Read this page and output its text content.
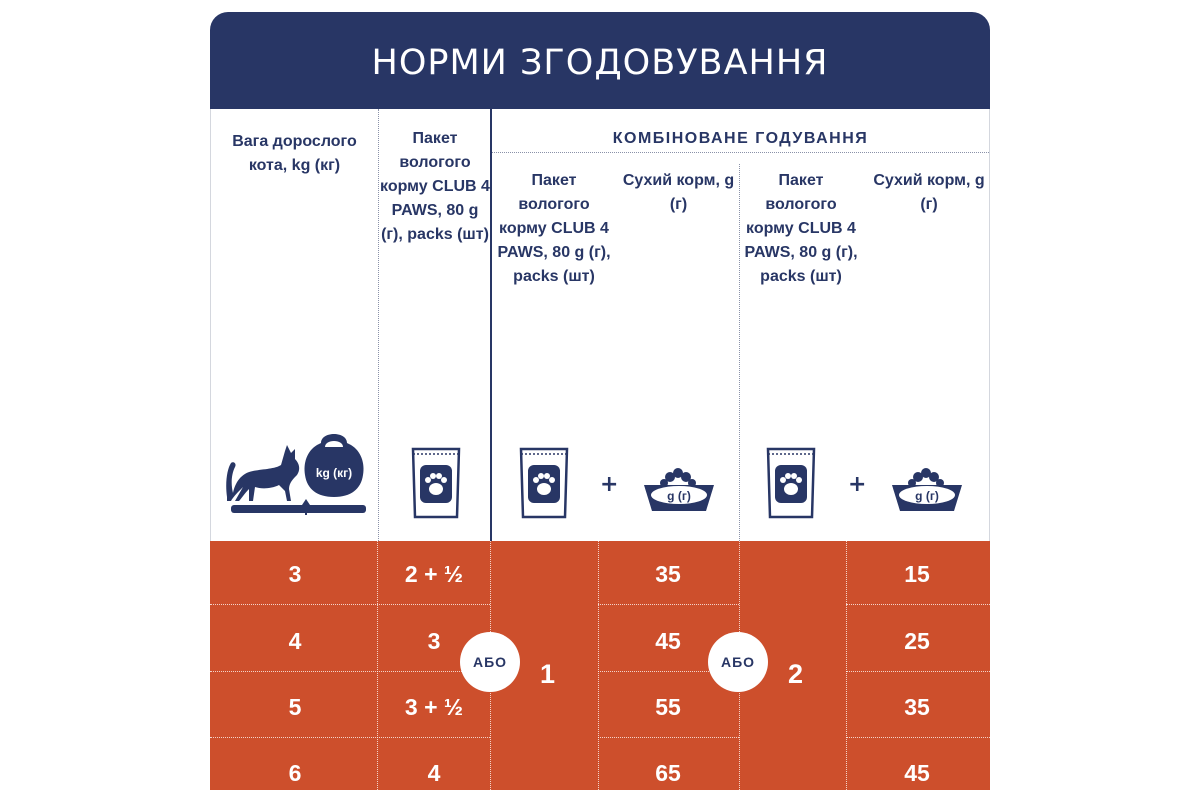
НОРМИ ЗГОДОВУВАННЯ
Вага дорослого кота, kg (кг)
Пакет вологого корму CLUB 4 PAWS, 80 g (г), packs (шт)
КОМБІНОВАНЕ ГОДУВАННЯ
Пакет вологого корму CLUB 4 PAWS, 80 g (г), packs (шт)
Сухий корм, g (г)
Пакет вологого корму CLUB 4 PAWS, 80 g (г), packs (шт)
Сухий корм, g (г)
kg (кг)	+	g (г)	+	g (г)
3	2 + ½	35	15
4	3	45	25
5	3 + ½	55	35
6	4	65	45
1	2
АБО	АБО
